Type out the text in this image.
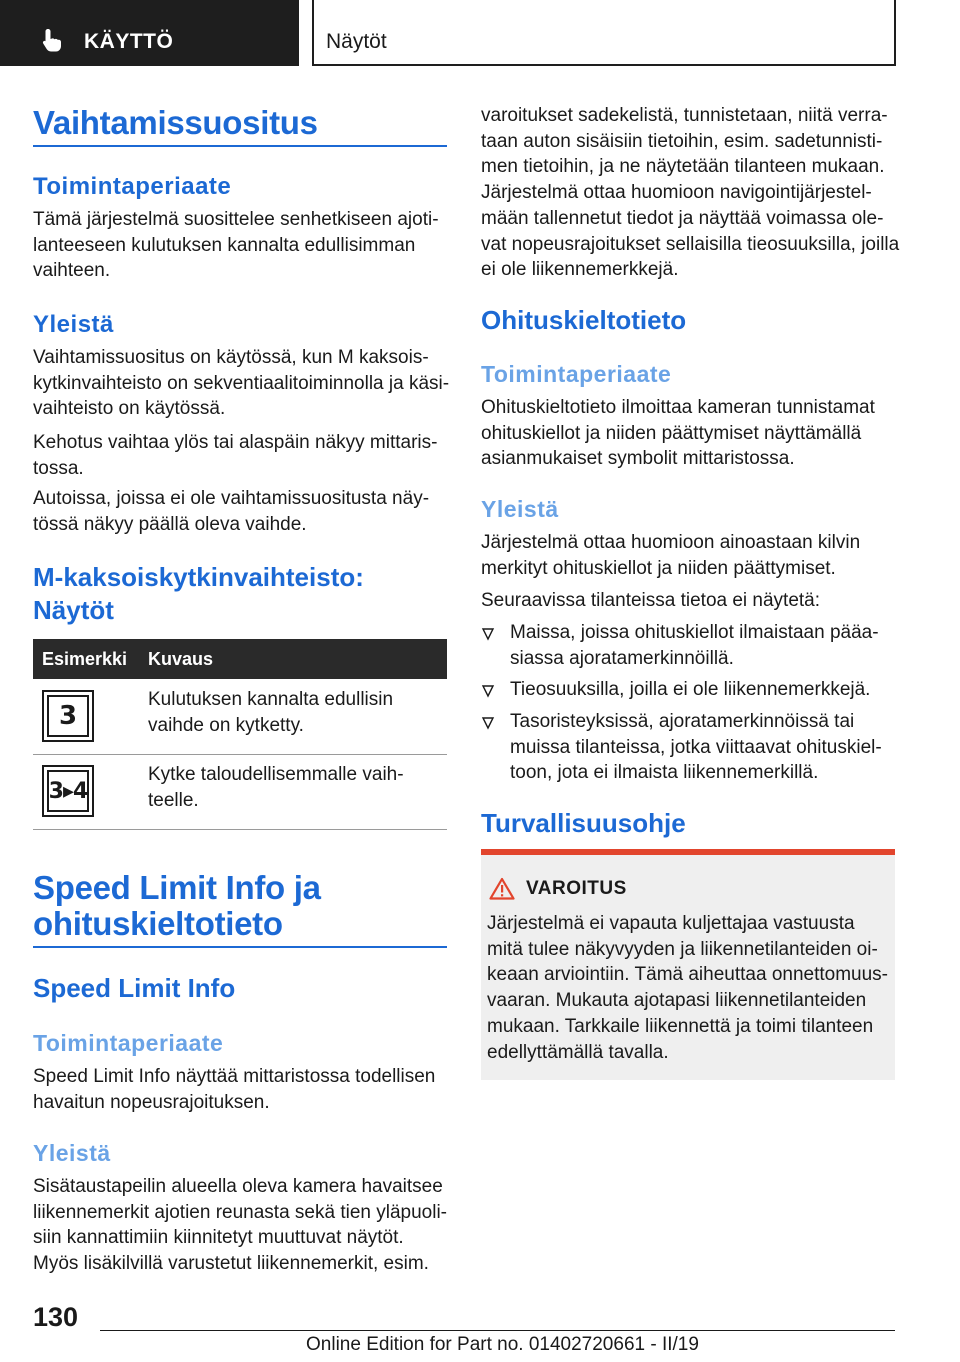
KÄYTTÖ	Näytöt
Vaihtamissuositus
Toimintaperiaate
Tämä järjestelmä suosittelee senhetkiseen ajoti-
lanteeseen kulutuksen kannalta edullisimman
vaihteen.
Yleistä
Vaihtamissuositus on käytössä, kun M kaksois-
kytkinvaihteisto on sekventiaalitoiminnolla ja käsi-
vaihteisto on käytössä.
Kehotus vaihtaa ylös tai alaspäin näkyy mittaris-
tossa.
Autoissa, joissa ei ole vaihtamissuositusta näy-
tössä näkyy päällä oleva vaihde.
M-kaksoiskytkinvaihteisto:
Näytöt
Esimerkki Kuvaus
3
Kulutuksen kannalta edullisin
vaihde on kytketty.
3▸4
Kytke taloudellisemmalle vaih-
teelle.
Speed Limit Info ja
ohituskieltotieto
Speed Limit Info
Toimintaperiaate
Speed Limit Info näyttää mittaristossa todellisen
havaitun nopeusrajoituksen.
Yleistä
Sisätaustapeilin alueella oleva kamera havaitsee
liikennemerkit ajotien reunasta sekä tien yläpuoli-
siin kannattimiin kiinnitetyt muuttuvat näytöt.
Myös lisäkilvillä varustetut liikennemerkit, esim.
varoitukset sadekelistä, tunnistetaan, niitä verra-
taan auton sisäisiin tietoihin, esim. sadetunnisti-
men tietoihin, ja ne näytetään tilanteen mukaan.
Järjestelmä ottaa huomioon navigointijärjestel-
mään tallennetut tiedot ja näyttää voimassa ole-
vat nopeusrajoitukset sellaisilla tieosuuksilla, joilla
ei ole liikennemerkkejä.
Ohituskieltotieto
Toimintaperiaate
Ohituskieltotieto ilmoittaa kameran tunnistamat
ohituskiellot ja niiden päättymiset näyttämällä
asianmukaiset symbolit mittaristossa.
Yleistä
Järjestelmä ottaa huomioon ainoastaan kilvin
merkityt ohituskiellot ja niiden päättymiset.
Seuraavissa tilanteissa tietoa ei näytetä:
Maissa, joissa ohituskiellot ilmaistaan pääa-
siassa ajoratamerkinnöillä.
Tieosuuksilla, joilla ei ole liikennemerkkejä.
Tasoristeyksissä, ajoratamerkinnöissä tai
muissa tilanteissa, jotka viittaavat ohituskiel-
toon, jota ei ilmaista liikennemerkillä.
Turvallisuusohje
VAROITUS
Järjestelmä ei vapauta kuljettajaa vastuusta
mitä tulee näkyvyyden ja liikennetilanteiden oi-
keaan arviointiin. Tämä aiheuttaa onnettomuus-
vaaran. Mukauta ajotapasi liikennetilanteiden
mukaan. Tarkkaile liikennettä ja toimi tilanteen
edellyttämällä tavalla.
130
Online Edition for Part no. 01402720661 - II/19
